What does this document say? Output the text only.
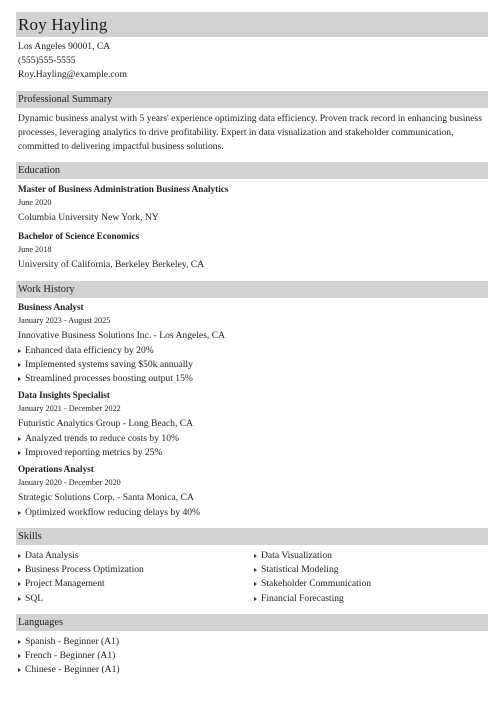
Roy Hayling
Los Angeles 90001, CA
(555)555-5555
Roy.Hayling@example.com
Professional Summary
Dynamic business analyst with 5 years' experience optimizing data efficiency. Proven track record in enhancing business processes, leveraging analytics to drive profitability. Expert in data visualization and stakeholder communication, committed to delivering impactful business solutions.
Education
Master of Business Administration Business Analytics
June 2020
Columbia University New York, NY
Bachelor of Science Economics
June 2018
University of California, Berkeley Berkeley, CA
Work History
Business Analyst
January 2023 - August 2025
Innovative Business Solutions Inc. - Los Angeles, CA
Enhanced data efficiency by 20%
Implemented systems saving $50k annually
Streamlined processes boosting output 15%
Data Insights Specialist
January 2021 - December 2022
Futuristic Analytics Group - Long Beach, CA
Analyzed trends to reduce costs by 10%
Improved reporting metrics by 25%
Operations Analyst
January 2020 - December 2020
Strategic Solutions Corp. - Santa Monica, CA
Optimized workflow reducing delays by 40%
Skills
Data Analysis
Business Process Optimization
Project Management
SQL
Data Visualization
Statistical Modeling
Stakeholder Communication
Financial Forecasting
Languages
Spanish - Beginner (A1)
French - Beginner (A1)
Chinese - Beginner (A1)
